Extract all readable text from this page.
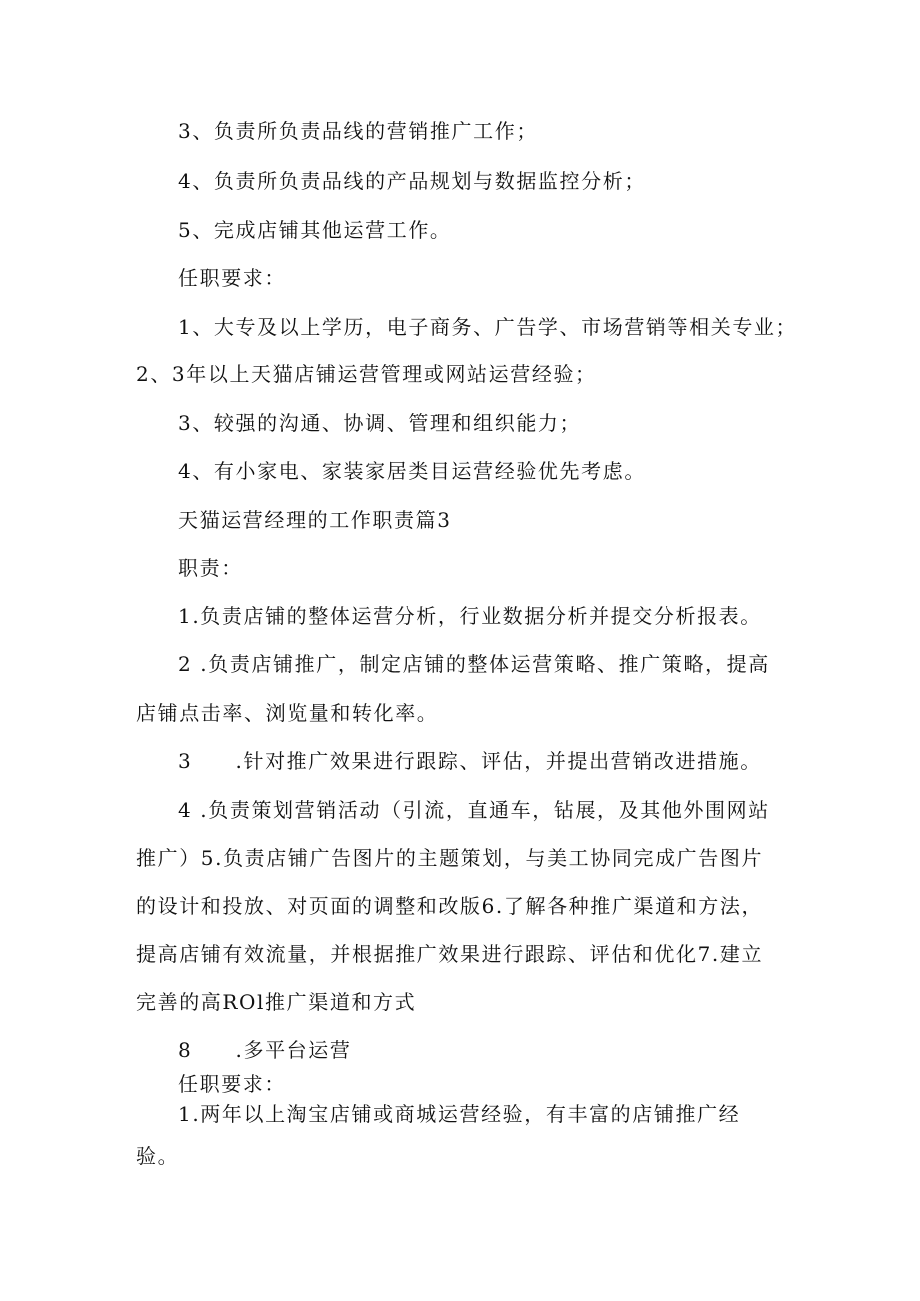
3、负责所负责品线的营销推广工作；
4、负责所负责品线的产品规划与数据监控分析；
5、完成店铺其他运营工作。
任职要求：
1、大专及以上学历，电子商务、广告学、市场营销等相关专业；
2、3年以上天猫店铺运营管理或网站运营经验；
3、较强的沟通、协调、管理和组织能力；
4、有小家电、家装家居类目运营经验优先考虑。
天猫运营经理的工作职责篇3
职责：
1.负责店铺的整体运营分析，行业数据分析并提交分析报表。
2 .负责店铺推广，制定店铺的整体运营策略、推广策略，提高
店铺点击率、浏览量和转化率。
3　　.针对推广效果进行跟踪、评估，并提出营销改进措施。
4 .负责策划营销活动（引流，直通车，钻展，及其他外围网站
推广）5.负责店铺广告图片的主题策划，与美工协同完成广告图片
的设计和投放、对页面的调整和改版6.了解各种推广渠道和方法，
提高店铺有效流量，并根据推广效果进行跟踪、评估和优化7.建立
完善的高ROl推广渠道和方式
8　　.多平台运营
任职要求：
1.两年以上淘宝店铺或商城运营经验，有丰富的店铺推广经
验。
